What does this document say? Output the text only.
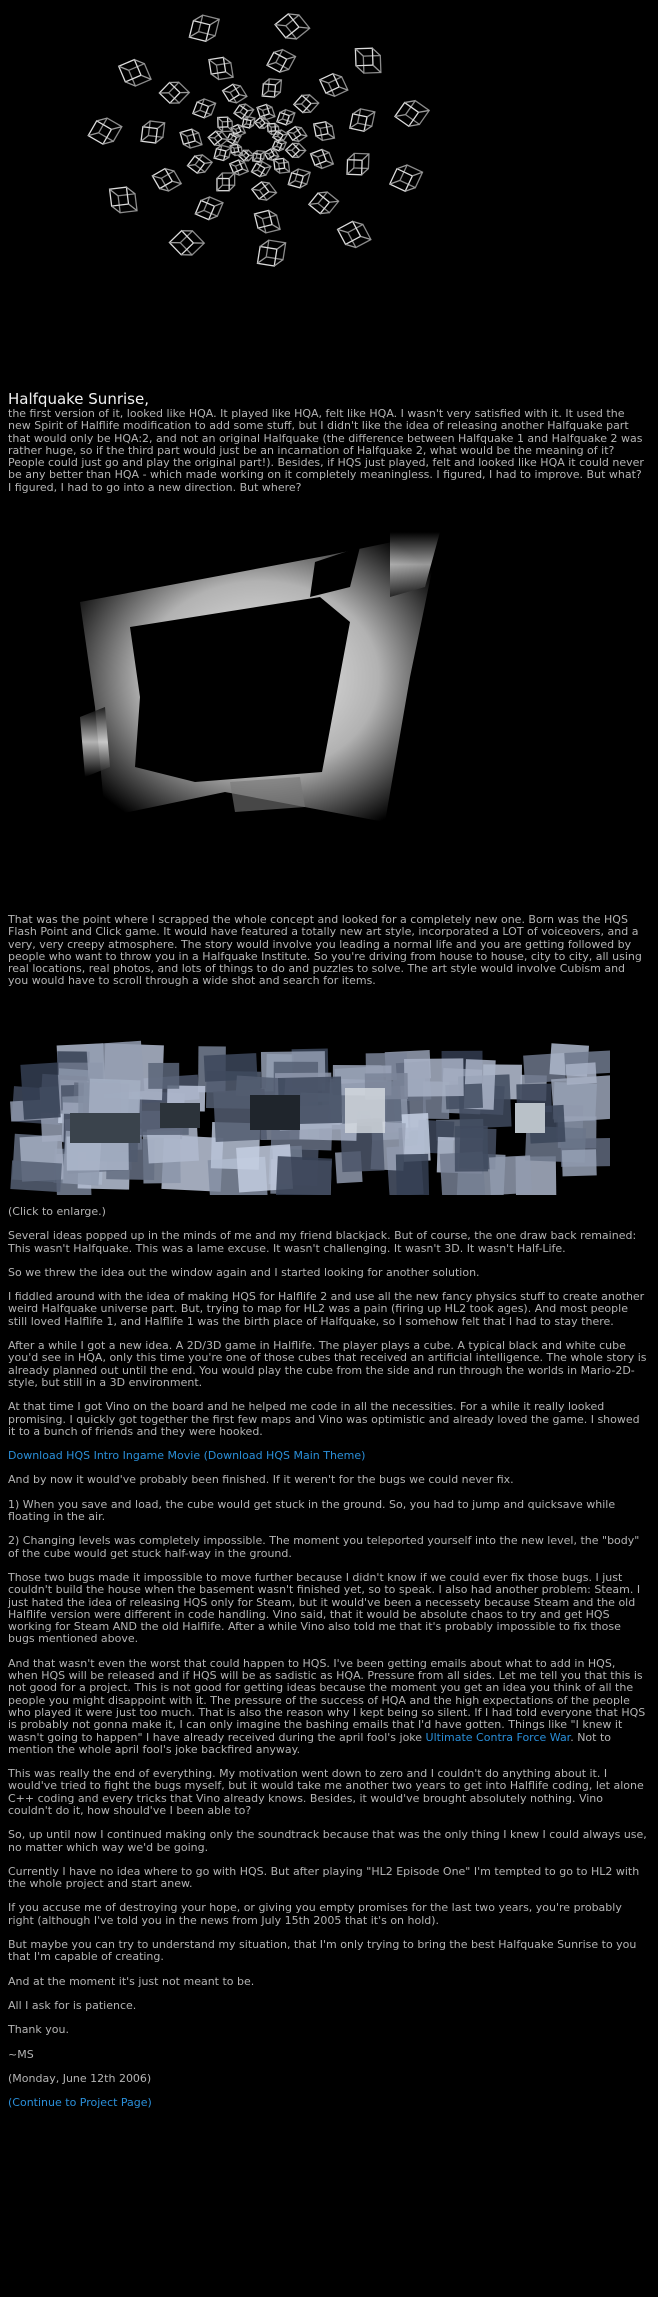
Halfquake Sunrise,

the first version of it, looked like HQA. It played like HQA, felt like HQA. I wasn't very satisfied with it. It used the new Spirit of Halflife modification to add some stuff, but I didn't like the idea of releasing another Halfquake part that would only be HQA:2, and not an original Halfquake (the difference between Halfquake 1 and Halfquake 2 was rather huge, so if the third part would just be an incarnation of Halfquake 2, what would be the meaning of it? People could just go and play the original part!). Besides, if HQS just played, felt and looked like HQA it could never be any better than HQA - which made working on it completely meaningless. I figured, I had to improve. But what? I figured, I had to go into a new direction. But where?

That was the point where I scrapped the whole concept and looked for a completely new one. Born was the HQS Flash Point and Click game. It would have featured a totally new art style, incorporated a LOT of voiceovers, and a very, very creepy atmosphere. The story would involve you leading a normal life and you are getting followed by people who want to throw you in a Halfquake Institute. So you're driving from house to house, city to city, all using real locations, real photos, and lots of things to do and puzzles to solve. The art style would involve Cubism and you would have to scroll through a wide shot and search for items.

(Click to enlarge.)

Several ideas popped up in the minds of me and my friend blackjack. But of course, the one draw back remained: This wasn't Halfquake. This was a lame excuse. It wasn't challenging. It wasn't 3D. It wasn't Half-Life.

So we threw the idea out the window again and I started looking for another solution.

I fiddled around with the idea of making HQS for Halflife 2 and use all the new fancy physics stuff to create another weird Halfquake universe part. But, trying to map for HL2 was a pain (firing up HL2 took ages). And most people still loved Halflife 1, and Halflife 1 was the birth place of Halfquake, so I somehow felt that I had to stay there.

After a while I got a new idea. A 2D/3D game in Halflife. The player plays a cube. A typical black and white cube you'd see in HQA, only this time you're one of those cubes that received an artificial intelligence. The whole story is already planned out until the end. You would play the cube from the side and run through the worlds in Mario-2D-style, but still in a 3D environment.

At that time I got Vino on the board and he helped me code in all the necessities. For a while it really looked promising. I quickly got together the first few maps and Vino was optimistic and already loved the game. I showed it to a bunch of friends and they were hooked.

Download HQS Intro Ingame Movie (Download HQS Main Theme)

And by now it would've probably been finished. If it weren't for the bugs we could never fix.

1) When you save and load, the cube would get stuck in the ground. So, you had to jump and quicksave while floating in the air.

2) Changing levels was completely impossible. The moment you teleported yourself into the new level, the "body" of the cube would get stuck half-way in the ground.

Those two bugs made it impossible to move further because I didn't know if we could ever fix those bugs. I just couldn't build the house when the basement wasn't finished yet, so to speak. I also had another problem: Steam. I just hated the idea of releasing HQS only for Steam, but it would've been a necessety because Steam and the old Halflife version were different in code handling. Vino said, that it would be absolute chaos to try and get HQS working for Steam AND the old Halflife. After a while Vino also told me that it's probably impossible to fix those bugs mentioned above.

And that wasn't even the worst that could happen to HQS. I've been getting emails about what to add in HQS, when HQS will be released and if HQS will be as sadistic as HQA. Pressure from all sides. Let me tell you that this is not good for a project. This is not good for getting ideas because the moment you get an idea you think of all the people you might disappoint with it. The pressure of the success of HQA and the high expectations of the people who played it were just too much. That is also the reason why I kept being so silent. If I had told everyone that HQS is probably not gonna make it, I can only imagine the bashing emails that I'd have gotten. Things like "I knew it wasn't going to happen" I have already received during the april fool's joke Ultimate Contra Force War. Not to mention the whole april fool's joke backfired anyway.

This was really the end of everything. My motivation went down to zero and I couldn't do anything about it. I would've tried to fight the bugs myself, but it would take me another two years to get into Halflife coding, let alone C++ coding and every tricks that Vino already knows. Besides, it would've brought absolutely nothing. Vino couldn't do it, how should've I been able to?

So, up until now I continued making only the soundtrack because that was the only thing I knew I could always use, no matter which way we'd be going.

Currently I have no idea where to go with HQS. But after playing "HL2 Episode One" I'm tempted to go to HL2 with the whole project and start anew.

If you accuse me of destroying your hope, or giving you empty promises for the last two years, you're probably right (although I've told you in the news from July 15th 2005 that it's on hold).

But maybe you can try to understand my situation, that I'm only trying to bring the best Halfquake Sunrise to you that I'm capable of creating.

And at the moment it's just not meant to be.

All I ask for is patience.

Thank you.

~MS

(Monday, June 12th 2006)

(Continue to Project Page)
